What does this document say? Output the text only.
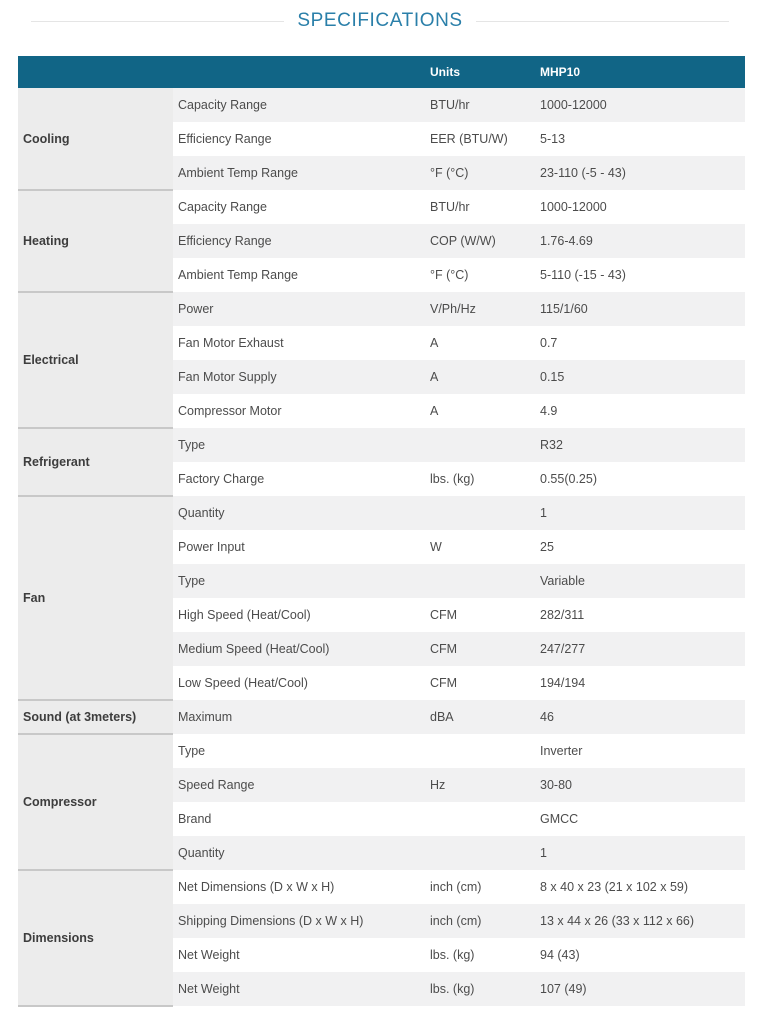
SPECIFICATIONS
		Units	MHP10
Cooling	Capacity Range	BTU/hr	1000-12000
	Efficiency Range	EER (BTU/W)	5-13
	Ambient Temp Range	°F (°C)	23-110 (-5 - 43)
Heating	Capacity Range	BTU/hr	1000-12000
	Efficiency Range	COP (W/W)	1.76-4.69
	Ambient Temp Range	°F (°C)	5-110 (-15 - 43)
Electrical	Power	V/Ph/Hz	115/1/60
	Fan Motor Exhaust	A	0.7
	Fan Motor Supply	A	0.15
	Compressor Motor	A	4.9
Refrigerant	Type		R32
	Factory Charge	lbs. (kg)	0.55(0.25)
Fan	Quantity		1
	Power Input	W	25
	Type		Variable
	High Speed (Heat/Cool)	CFM	282/311
	Medium Speed (Heat/Cool)	CFM	247/277
	Low Speed (Heat/Cool)	CFM	194/194
Sound (at 3meters)	Maximum	dBA	46
Compressor	Type		Inverter
	Speed Range	Hz	30-80
	Brand		GMCC
	Quantity		1
Dimensions	Net Dimensions (D x W x H)	inch (cm)	8 x 40 x 23 (21 x 102 x 59)
	Shipping Dimensions (D x W x H)	inch (cm)	13 x 44 x 26 (33 x 112 x 66)
	Net Weight	lbs. (kg)	94 (43)
	Net Weight	lbs. (kg)	107 (49)
